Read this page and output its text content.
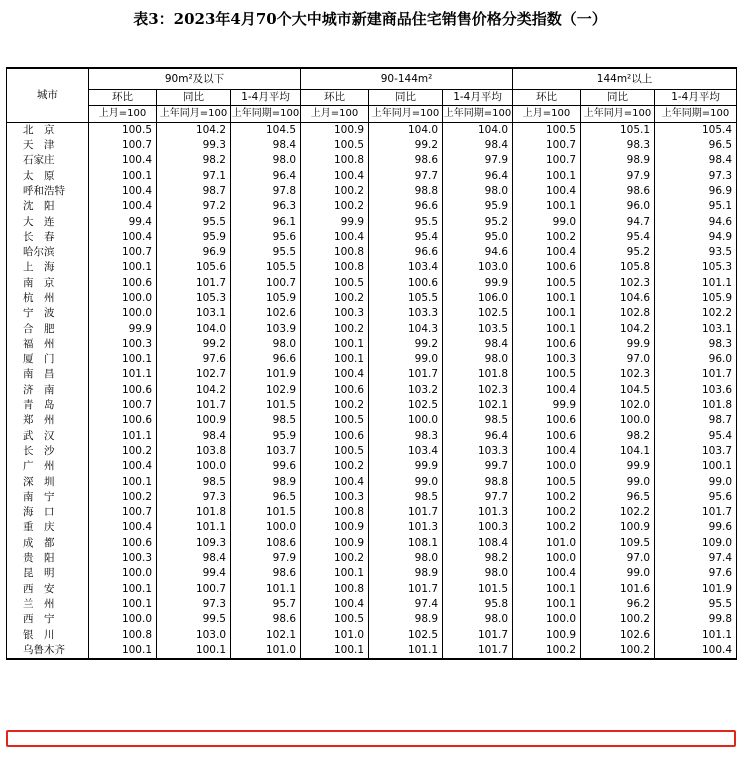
表3：2023年4月70个大中城市新建商品住宅销售价格分类指数（一）
城市	90m²及以下			90-144m²			144m²以上		
	环比	同比	1-4月平均	环比	同比	1-4月平均	环比	同比	1-4月平均
	上月=100	上年同月=100	上年同期=100	上月=100	上年同月=100	上年同期=100	上月=100	上年同月=100	上年同期=100
北　京	100.5	104.2	104.5	100.9	104.0	104.0	100.5	105.1	105.4
天　津	100.7	99.3	98.4	100.5	99.2	98.4	100.7	98.3	96.5
石家庄	100.4	98.2	98.0	100.8	98.6	97.9	100.7	98.9	98.4
太　原	100.1	97.1	96.4	100.4	97.7	96.4	100.1	97.9	97.3
呼和浩特	100.4	98.7	97.8	100.2	98.8	98.0	100.4	98.6	96.9
沈　阳	100.4	97.2	96.3	100.2	96.6	95.9	100.1	96.0	95.1
大　连	99.4	95.5	96.1	99.9	95.5	95.2	99.0	94.7	94.6
长　春	100.4	95.9	95.6	100.4	95.4	95.0	100.2	95.4	94.9
哈尔滨	100.7	96.9	95.5	100.8	96.6	94.6	100.4	95.2	93.5
上　海	100.1	105.6	105.5	100.8	103.4	103.0	100.6	105.8	105.3
南　京	100.6	101.7	100.7	100.5	100.6	99.9	100.5	102.3	101.1
杭　州	100.0	105.3	105.9	100.2	105.5	106.0	100.1	104.6	105.9
宁　波	100.0	103.1	102.6	100.3	103.3	102.5	100.1	102.8	102.2
合　肥	99.9	104.0	103.9	100.2	104.3	103.5	100.1	104.2	103.1
福　州	100.3	99.2	98.0	100.1	99.2	98.4	100.6	99.9	98.3
厦　门	100.1	97.6	96.6	100.1	99.0	98.0	100.3	97.0	96.0
南　昌	101.1	102.7	101.9	100.4	101.7	101.8	100.5	102.3	101.7
济　南	100.6	104.2	102.9	100.6	103.2	102.3	100.4	104.5	103.6
青　岛	100.7	101.7	101.5	100.2	102.5	102.1	99.9	102.0	101.8
郑　州	100.6	100.9	98.5	100.5	100.0	98.5	100.6	100.0	98.7
武　汉	101.1	98.4	95.9	100.6	98.3	96.4	100.6	98.2	95.4
长　沙	100.2	103.8	103.7	100.5	103.4	103.3	100.4	104.1	103.7
广　州	100.4	100.0	99.6	100.2	99.9	99.7	100.0	99.9	100.1
深　圳	100.1	98.5	98.9	100.4	99.0	98.8	100.5	99.0	99.0
南　宁	100.2	97.3	96.5	100.3	98.5	97.7	100.2	96.5	95.6
海　口	100.7	101.8	101.5	100.8	101.7	101.3	100.2	102.2	101.7
重　庆	100.4	101.1	100.0	100.9	101.3	100.3	100.2	100.9	99.6
成　都	100.6	109.3	108.6	100.9	108.1	108.4	101.0	109.5	109.0
贵　阳	100.3	98.4	97.9	100.2	98.0	98.2	100.0	97.0	97.4
昆　明	100.0	99.4	98.6	100.1	98.9	98.0	100.4	99.0	97.6
西　安	100.1	100.7	101.1	100.8	101.7	101.5	100.1	101.6	101.9
兰　州	100.1	97.3	95.7	100.4	97.4	95.8	100.1	96.2	95.5
西　宁	100.0	99.5	98.6	100.5	98.9	98.0	100.0	100.2	99.8
银　川	100.8	103.0	102.1	101.0	102.5	101.7	100.9	102.6	101.1
乌鲁木齐	100.1	100.1	101.0	100.1	101.1	101.7	100.2	100.2	100.4
